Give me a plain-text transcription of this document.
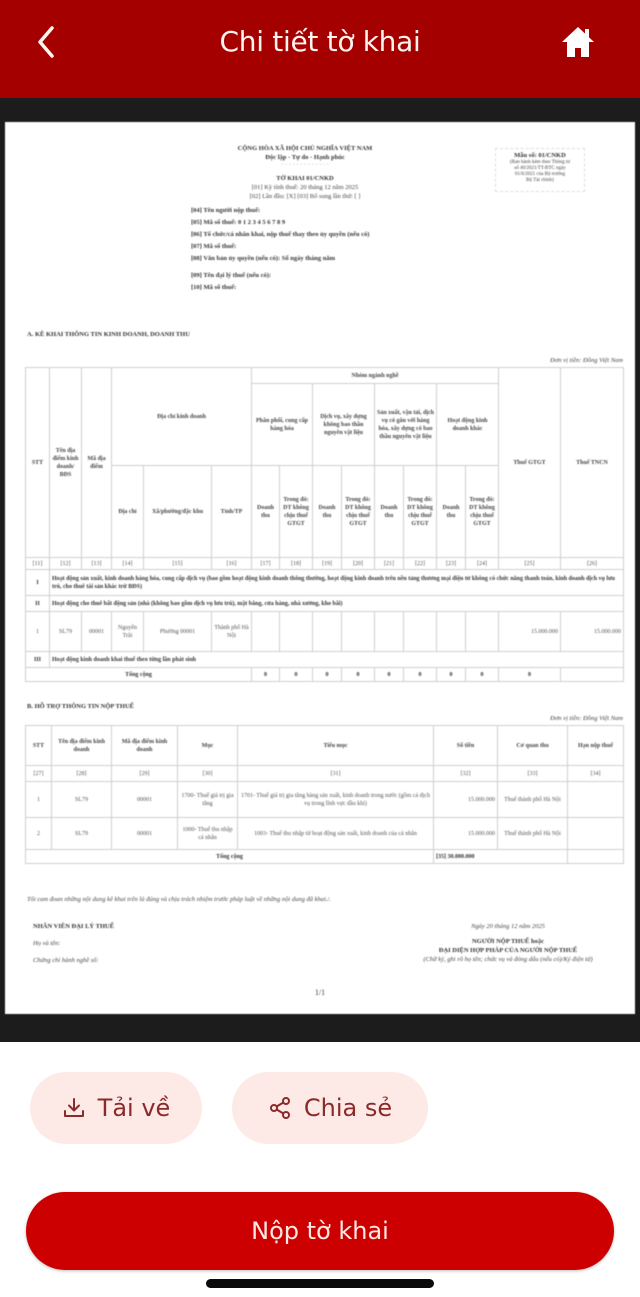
Chi tiết tờ khai
CỘNG HÒA XÃ HỘI CHỦ NGHĨA VIỆT NAM
Độc lập - Tự do - Hạnh phúc
- - - - - - - - - - - - -
TỜ KHAI 01/CNKD
[01] Kỳ tính thuế: 20 tháng 12 năm 2025
[02] Lần đầu: [X] [03] Bổ sung lần thứ: [ ]
Mẫu số: 01/CNKD
(Ban hành kèm theo Thông tư
số 40/2021/TT-BTC ngày
01/6/2021 của Bộ trưởng
Bộ Tài chính)
[04] Tên người nộp thuế:
[05] Mã số thuế: 0 1 2 3 4 5 6 7 8 9
[06] Tổ chức/cá nhân khai, nộp thuế thay theo ủy quyền (nếu có)
[07] Mã số thuế:
[08] Văn bản ủy quyền (nếu có): Số ngày tháng năm
[09] Tên đại lý thuế (nếu có):
[10] Mã số thuế:
A. KÊ KHAI THÔNG TIN KINH DOANH, DOANH THU
Đơn vị tiền: Đồng Việt Nam
STT	Tên địa điểm kinh doanh/ BĐS	Mã địa điểm	Địa chỉ kinh doanh			Nhóm ngành nghề								Thuế GTGT	Thuế TNCN
						Phân phối, cung cấp hàng hóa		Dịch vụ, xây dựng không bao thầu nguyên vật liệu		Sản xuất, vận tải, dịch vụ có gắn với hàng hóa, xây dựng có bao thầu nguyên vật liệu		Hoạt động kinh doanh khác			
			Địa chỉ	Xã/phường/đặc khu	Tỉnh/TP	Doanh thu	Trong đó: DT không chịu thuế GTGT	Doanh thu	Trong đó: DT không chịu thuế GTGT	Doanh thu	Trong đó: DT không chịu thuế GTGT	Doanh thu	Trong đó: DT không chịu thuế GTGT		
[11]	[12]	[13]	[14]	[15]	[16]	[17]	[18]	[19]	[20]	[21]	[22]	[23]	[24]	[25]	[26]
I	Hoạt động sản xuất, kinh doanh hàng hóa, cung cấp dịch vụ (bao gồm hoạt động kinh doanh thông thường, hoạt động kinh doanh trên nền tảng thương mại điện tử không có chức năng thanh toán, kinh doanh dịch vụ lưu trú, cho thuê tài sản khác trừ BĐS)														
II	Hoạt động cho thuê bất động sản (nhà (không bao gồm dịch vụ lưu trú), mặt bằng, cửa hàng, nhà xưởng, kho bãi)														
1	SL79	00001	Nguyễn Trãi	Phường 00001	Thành phố Hà Nội									15.000.000	15.000.000
III	Hoạt động kinh doanh khai thuế theo từng lần phát sinh														
Tổng cộng						0	0	0	0	0	0	0	0	0	
B. HỖ TRỢ THÔNG TIN NỘP THUẾ
Đơn vị tiền: Đồng Việt Nam
STT	Tên địa điểm kinh doanh	Mã địa điểm kinh doanh	Mục	Tiểu mục	Số tiền	Cơ quan thu	Hạn nộp thuế
[27]	[28]	[29]	[30]	[31]	[32]	[33]	[34]
1	SL79	00001	1700- Thuế giá trị gia tăng	1701- Thuế giá trị gia tăng hàng sản xuất, kinh doanh trong nước (gồm cả dịch vụ trong lĩnh vực dầu khí)	15.000.000	Thuế thành phố Hà Nội	
2	SL79	00001	1000- Thuế thu nhập cá nhân	1003- Thuế thu nhập từ hoạt động sản xuất, kinh doanh của cá nhân	15.000.000	Thuế thành phố Hà Nội	
Tổng cộng					[35] 30.000.000		
Tôi cam đoan những nội dung kê khai trên là đúng và chịu trách nhiệm trước pháp luật về những nội dung đã khai./.
NHÂN VIÊN ĐẠI LÝ THUẾ
Họ và tên:
Chứng chỉ hành nghề số:
Ngày 20 tháng 12 năm 2025
NGƯỜI NỘP THUẾ hoặc
ĐẠI DIỆN HỢP PHÁP CỦA NGƯỜI NỘP THUẾ
(Chữ ký, ghi rõ họ tên; chức vụ và đóng dấu (nếu có)/Ký điện tử)
1/1
Tải về	Chia sẻ
Nộp tờ khai
